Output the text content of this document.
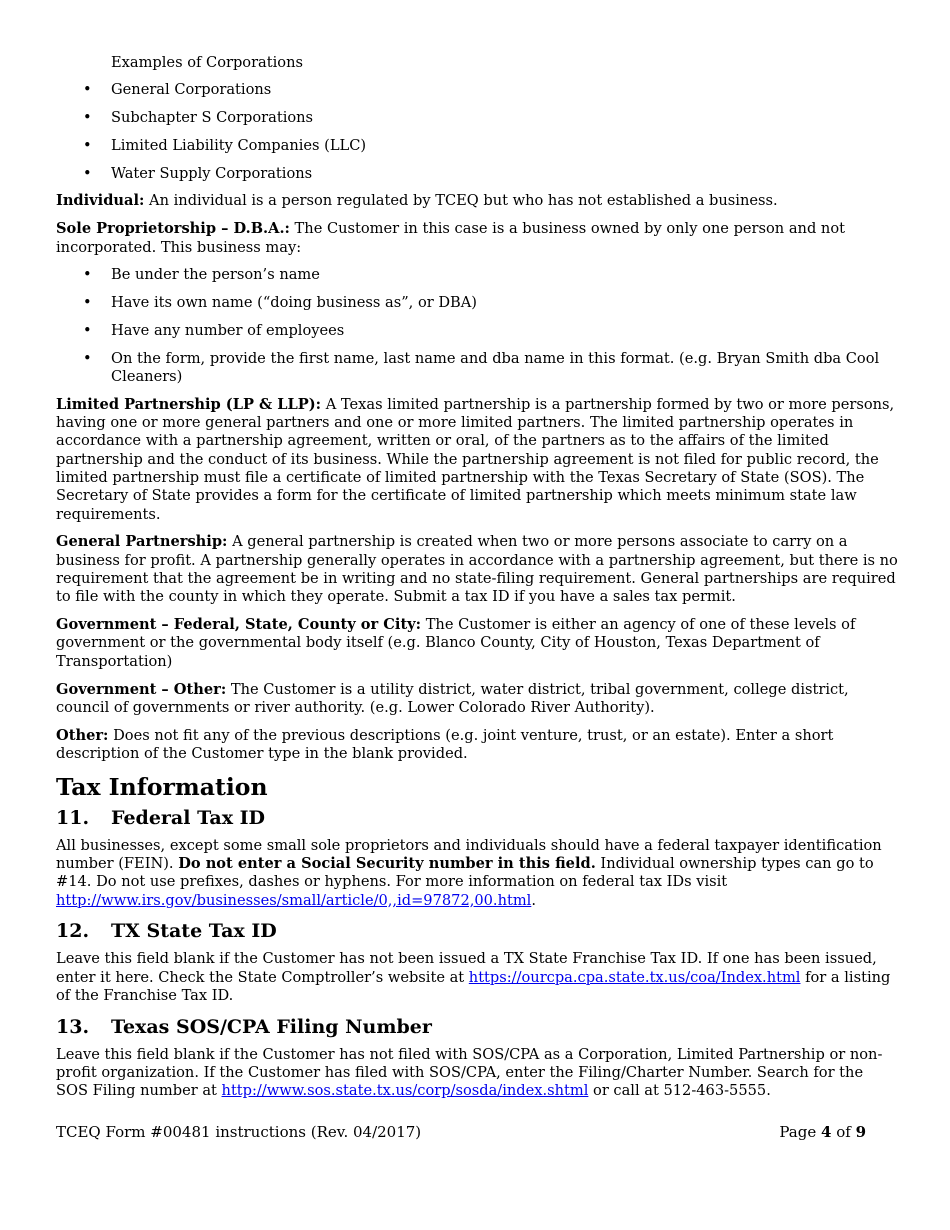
Examples of Corporations
• General Corporations
• Subchapter S Corporations
• Limited Liability Companies (LLC)
• Water Supply Corporations

Individual: An individual is a person regulated by TCEQ but who has not established a business.

Sole Proprietorship – D.B.A.: The Customer in this case is a business owned by only one person and not incorporated. This business may:

• Be under the person’s name
• Have its own name (“doing business as”, or DBA)
• Have any number of employees
• On the form, provide the first name, last name and dba name in this format. (e.g. Bryan Smith dba Cool Cleaners)

Limited Partnership (LP & LLP): A Texas limited partnership is a partnership formed by two or more persons, having one or more general partners and one or more limited partners. The limited partnership operates in accordance with a partnership agreement, written or oral, of the partners as to the affairs of the limited partnership and the conduct of its business. While the partnership agreement is not filed for public record, the limited partnership must file a certificate of limited partnership with the Texas Secretary of State (SOS). The Secretary of State provides a form for the certificate of limited partnership which meets minimum state law requirements.

General Partnership: A general partnership is created when two or more persons associate to carry on a business for profit. A partnership generally operates in accordance with a partnership agreement, but there is no requirement that the agreement be in writing and no state-filing requirement. General partnerships are required to file with the county in which they operate. Submit a tax ID if you have a sales tax permit.

Government – Federal, State, County or City: The Customer is either an agency of one of these levels of government or the governmental body itself (e.g. Blanco County, City of Houston, Texas Department of Transportation)

Government – Other: The Customer is a utility district, water district, tribal government, college district, council of governments or river authority. (e.g. Lower Colorado River Authority).

Other: Does not fit any of the previous descriptions (e.g. joint venture, trust, or an estate). Enter a short description of the Customer type in the blank provided.

Tax Information
11.	Federal Tax ID

All businesses, except some small sole proprietors and individuals should have a federal taxpayer identification number (FEIN). Do not enter a Social Security number in this field. Individual ownership types can go to #14. Do not use prefixes, dashes or hyphens. For more information on federal tax IDs visit http://www.irs.gov/businesses/small/article/0,,id=97872,00.html.

12.	TX State Tax ID

Leave this field blank if the Customer has not been issued a TX State Franchise Tax ID. If one has been issued, enter it here. Check the State Comptroller’s website at https://ourcpa.cpa.state.tx.us/coa/Index.html for a listing of the Franchise Tax ID.

13.	Texas SOS/CPA Filing Number

Leave this field blank if the Customer has not filed with SOS/CPA as a Corporation, Limited Partnership or non-profit organization. If the Customer has filed with SOS/CPA, enter the Filing/Charter Number. Search for the SOS Filing number at http://www.sos.state.tx.us/corp/sosda/index.shtml or call at 512-463-5555.

TCEQ Form #00481 instructions (Rev. 04/2017)	Page 4 of 9
